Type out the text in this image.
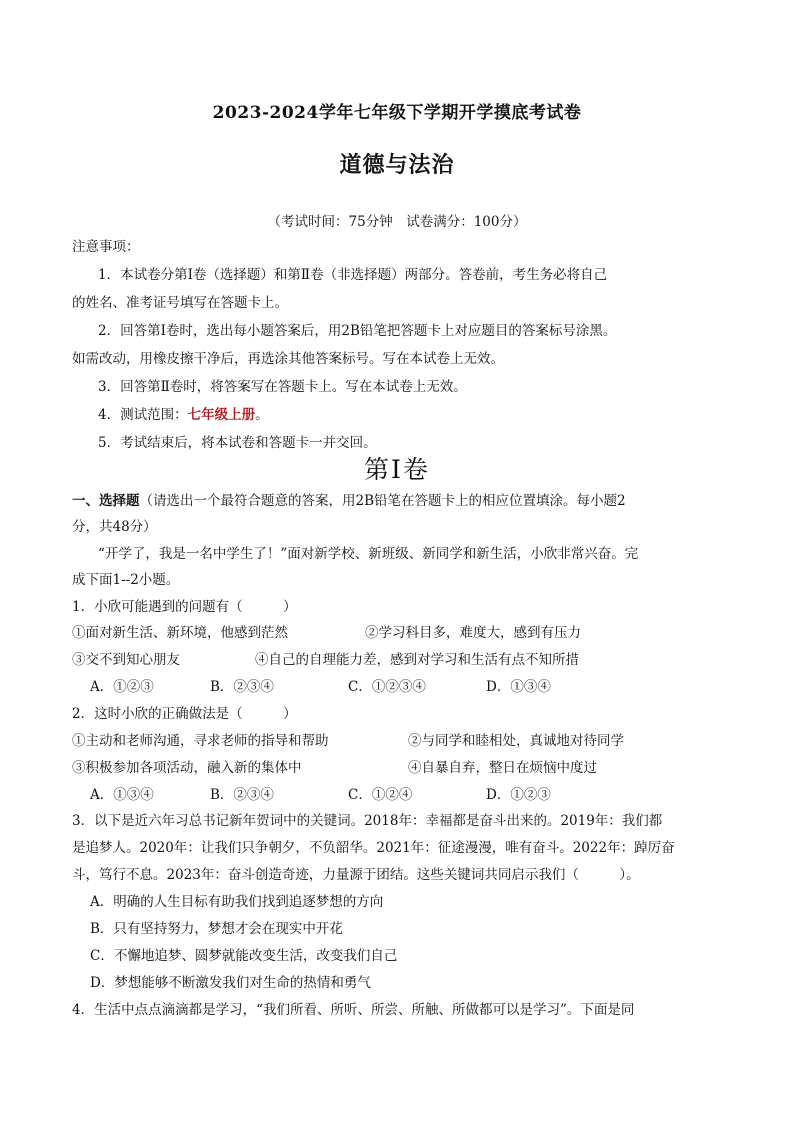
2023-2024学年七年级下学期开学摸底考试卷
道德与法治
（考试时间：75分钟　试卷满分：100分）
注意事项：
1．本试卷分第Ⅰ卷（选择题）和第Ⅱ卷（非选择题）两部分。答卷前，考生务必将自己
的姓名、准考证号填写在答题卡上。
2．回答第Ⅰ卷时，选出每小题答案后，用2B铅笔把答题卡上对应题目的答案标号涂黑。
如需改动，用橡皮擦干净后，再选涂其他答案标号。写在本试卷上无效。
3．回答第Ⅱ卷时，将答案写在答题卡上。写在本试卷上无效。
4．测试范围：七年级上册。
5．考试结束后，将本试卷和答题卡一并交回。
第Ⅰ卷
一、选择题（请选出一个最符合题意的答案，用2B铅笔在答题卡上的相应位置填涂。每小题2
分，共48分）
“开学了，我是一名中学生了！”面对新学校、新班级、新同学和新生活，小欣非常兴奋。完
成下面1--2小题。
1．小欣可能遇到的问题有（　　　）
①面对新生活、新环境，他感到茫然	②学习科目多，难度大，感到有压力
③交不到知心朋友	④自己的自理能力差，感到对学习和生活有点不知所措
A．①②③	B．②③④	C．①②③④	D．①③④
2．这时小欣的正确做法是（　　　）
①主动和老师沟通，寻求老师的指导和帮助	②与同学和睦相处，真诚地对待同学
③积极参加各项活动，融入新的集体中	④自暴自弃，整日在烦恼中度过
A．①③④	B．②③④	C．①②④	D．①②③
3．以下是近六年习总书记新年贺词中的关键词。2018年：幸福都是奋斗出来的。2019年：我们都
是追梦人。2020年：让我们只争朝夕，不负韶华。2021年：征途漫漫，唯有奋斗。2022年：踔厉奋
斗，笃行不息。2023年：奋斗创造奇迹，力量源于团结。这些关键词共同启示我们（　　　）。
A．明确的人生目标有助我们找到追逐梦想的方向
B．只有坚持努力，梦想才会在现实中开花
C．不懈地追梦、圆梦就能改变生活，改变我们自己
D．梦想能够不断激发我们对生命的热情和勇气
4．生活中点点滴滴都是学习，“我们所看、所听、所尝、所触、所做都可以是学习”。下面是同
